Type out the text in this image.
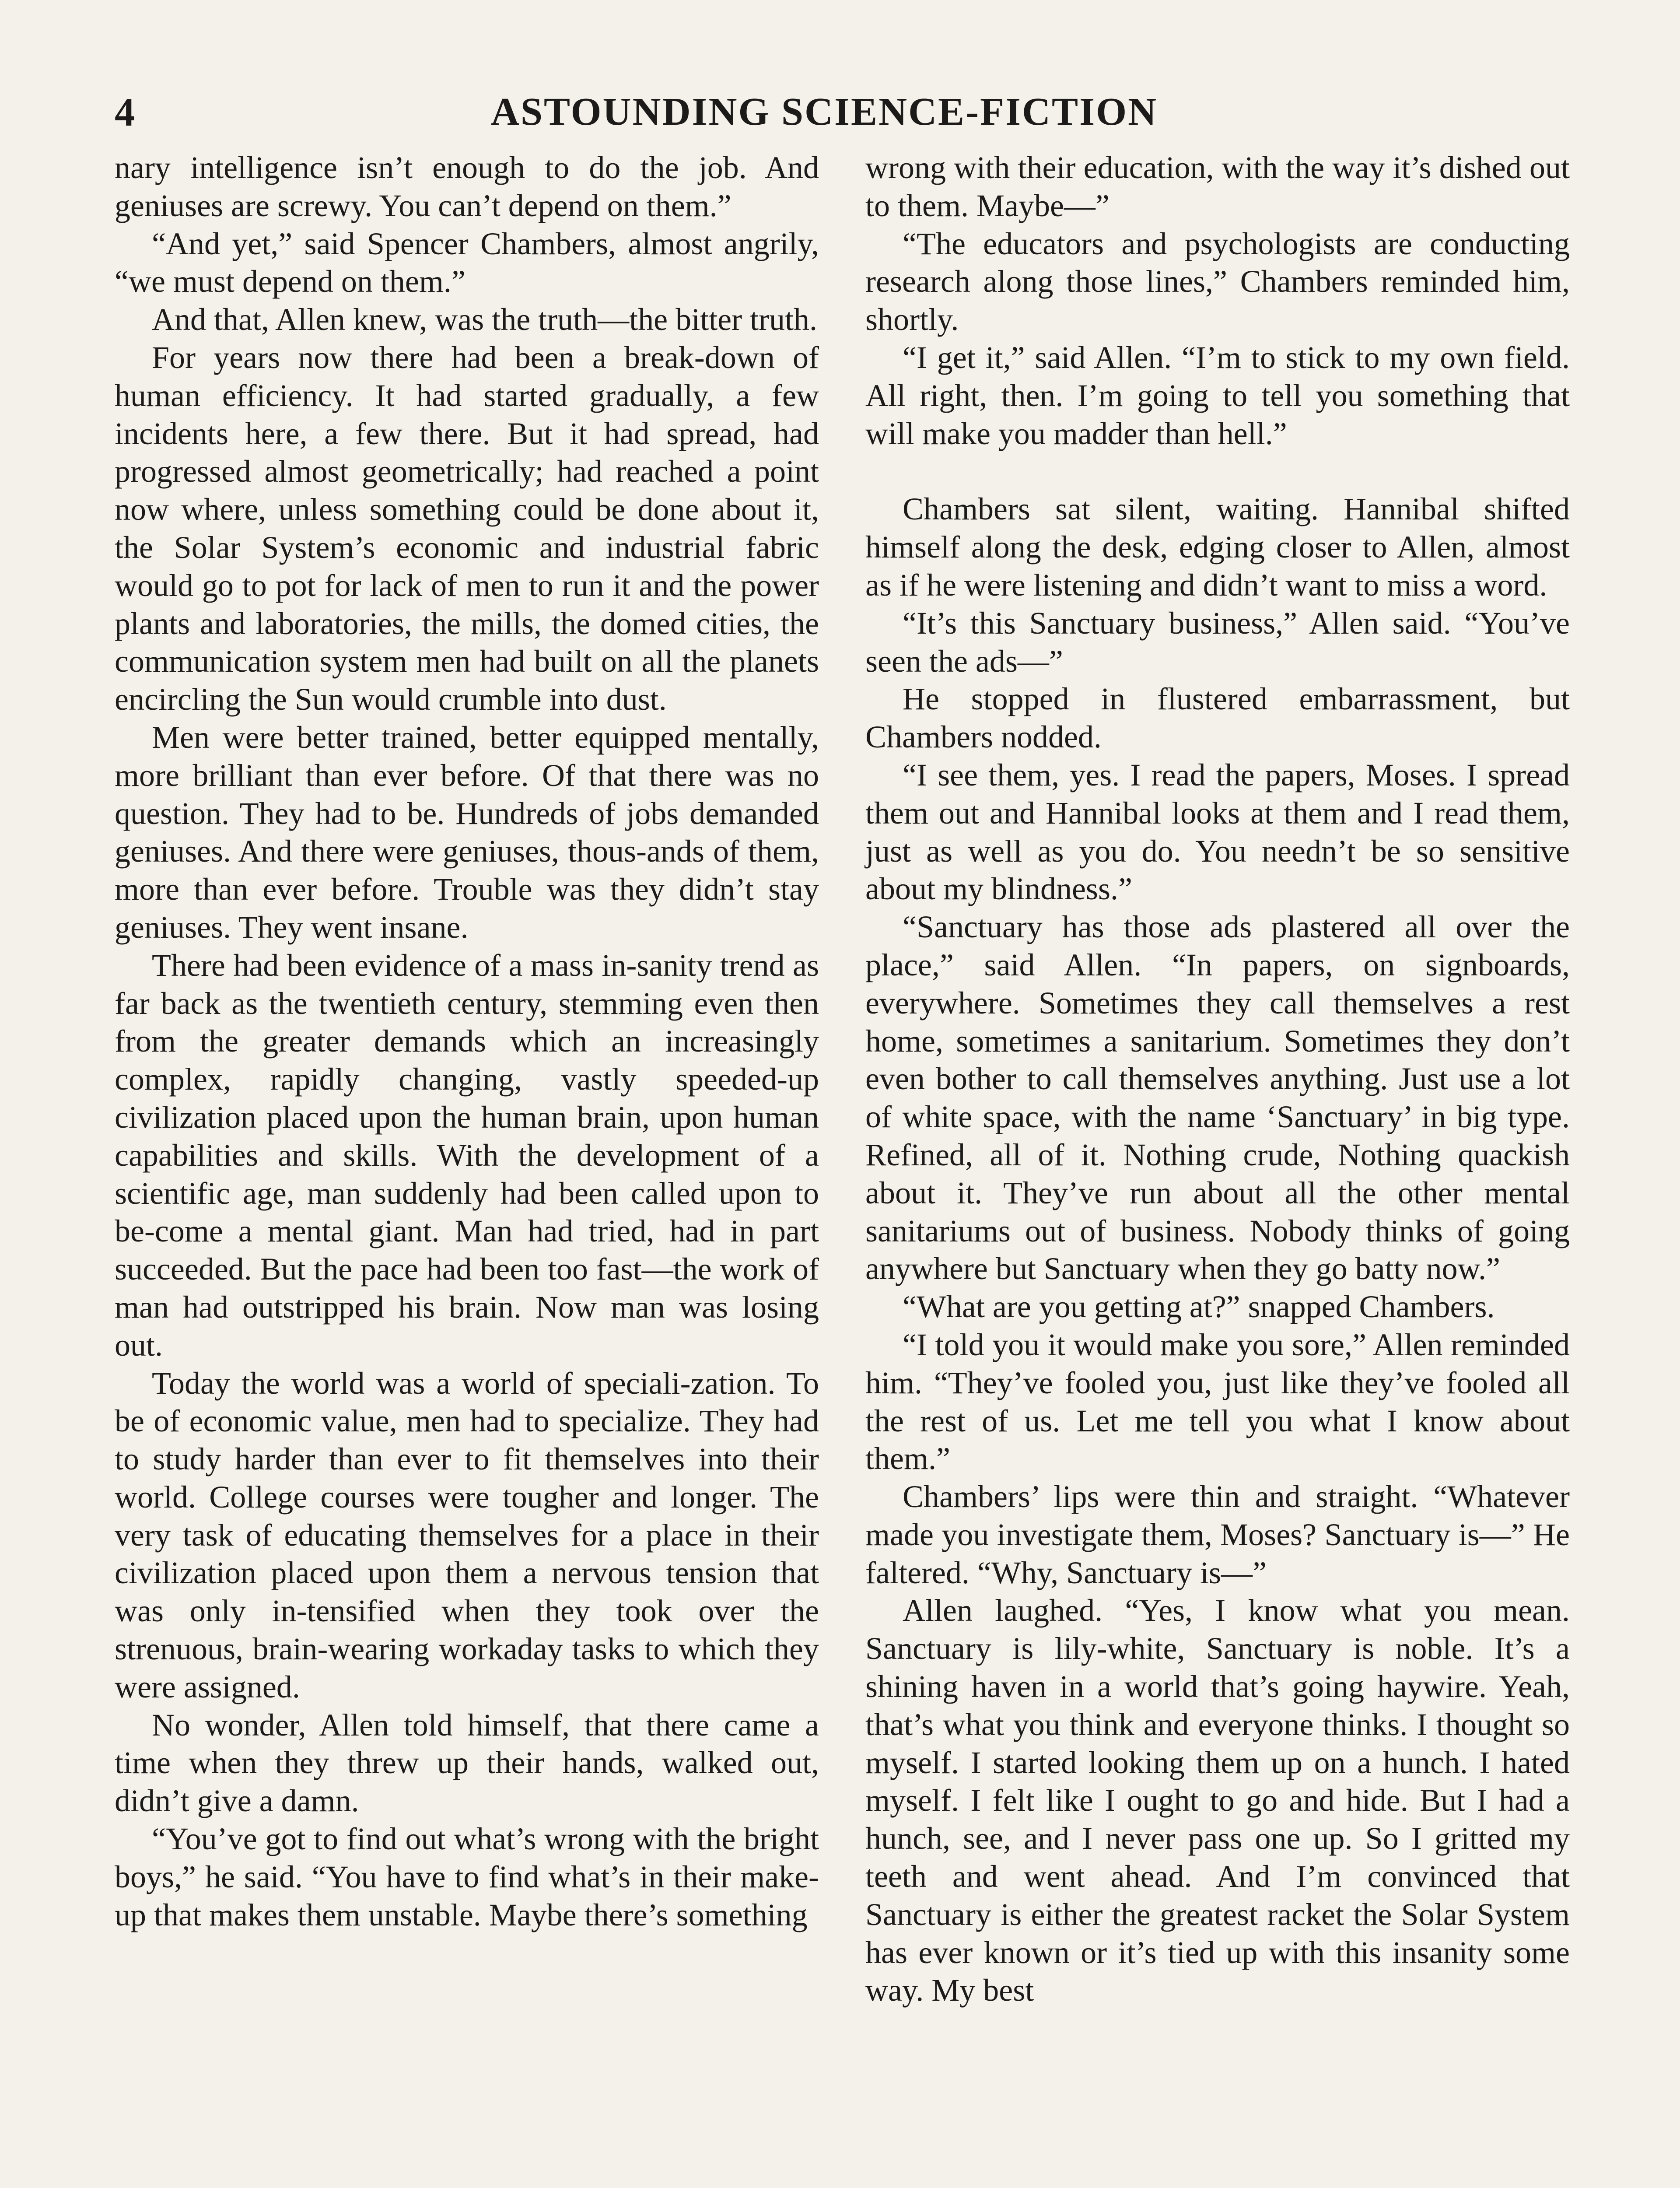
4	ASTOUNDING SCIENCE-FICTION

nary intelligence isn’t enough to do the job. And geniuses are screwy. You can’t depend on them.”

“And yet,” said Spencer Chambers, almost angrily, “we must depend on them.”

And that, Allen knew, was the truth—the bitter truth.

For years now there had been a break-down of human efficiency. It had started gradually, a few incidents here, a few there. But it had spread, had progressed almost geometrically; had reached a point now where, unless something could be done about it, the Solar System’s economic and industrial fabric would go to pot for lack of men to run it and the power plants and laboratories, the mills, the domed cities, the communication system men had built on all the planets encircling the Sun would crumble into dust.

Men were better trained, better equipped mentally, more brilliant than ever before. Of that there was no question. They had to be. Hundreds of jobs demanded geniuses. And there were geniuses, thous-ands of them, more than ever before. Trouble was they didn’t stay geniuses. They went insane.

There had been evidence of a mass in-sanity trend as far back as the twentieth century, stemming even then from the greater demands which an increasingly complex, rapidly changing, vastly speeded-up civilization placed upon the human brain, upon human capabilities and skills. With the development of a scientific age, man suddenly had been called upon to be-come a mental giant. Man had tried, had in part succeeded. But the pace had been too fast—the work of man had outstripped his brain. Now man was losing out.

Today the world was a world of speciali-zation. To be of economic value, men had to specialize. They had to study harder than ever to fit themselves into their world. College courses were tougher and longer. The very task of educating themselves for a place in their civilization placed upon them a nervous tension that was only in-tensified when they took over the strenuous, brain-wearing workaday tasks to which they were assigned.

No wonder, Allen told himself, that there came a time when they threw up their hands, walked out, didn’t give a damn.

“You’ve got to find out what’s wrong with the bright boys,” he said. “You have to find what’s in their make-up that makes them unstable. Maybe there’s something

wrong with their education, with the way it’s dished out to them. Maybe—”

“The educators and psychologists are conducting research along those lines,” Chambers reminded him, shortly.

“I get it,” said Allen. “I’m to stick to my own field. All right, then. I’m going to tell you something that will make you madder than hell.”

Chambers sat silent, waiting. Hannibal shifted himself along the desk, edging closer to Allen, almost as if he were listening and didn’t want to miss a word.

“It’s this Sanctuary business,” Allen said. “You’ve seen the ads—”

He stopped in flustered embarrassment, but Chambers nodded.

“I see them, yes. I read the papers, Moses. I spread them out and Hannibal looks at them and I read them, just as well as you do. You needn’t be so sensitive about my blindness.”

“Sanctuary has those ads plastered all over the place,” said Allen. “In papers, on signboards, everywhere. Sometimes they call themselves a rest home, sometimes a sanitarium. Sometimes they don’t even bother to call themselves anything. Just use a lot of white space, with the name ‘Sanctuary’ in big type. Refined, all of it. Nothing crude, Nothing quackish about it. They’ve run about all the other mental sanitariums out of business. Nobody thinks of going anywhere but Sanctuary when they go batty now.”

“What are you getting at?” snapped Chambers.

“I told you it would make you sore,” Allen reminded him. “They’ve fooled you, just like they’ve fooled all the rest of us. Let me tell you what I know about them.”

Chambers’ lips were thin and straight. “Whatever made you investigate them, Moses? Sanctuary is—” He faltered. “Why, Sanctuary is—”

Allen laughed. “Yes, I know what you mean. Sanctuary is lily-white, Sanctuary is noble. It’s a shining haven in a world that’s going haywire. Yeah, that’s what you think and everyone thinks. I thought so myself. I started looking them up on a hunch. I hated myself. I felt like I ought to go and hide. But I had a hunch, see, and I never pass one up. So I gritted my teeth and went ahead. And I’m convinced that Sanctuary is either the greatest racket the Solar System has ever known or it’s tied up with this insanity some way. My best
